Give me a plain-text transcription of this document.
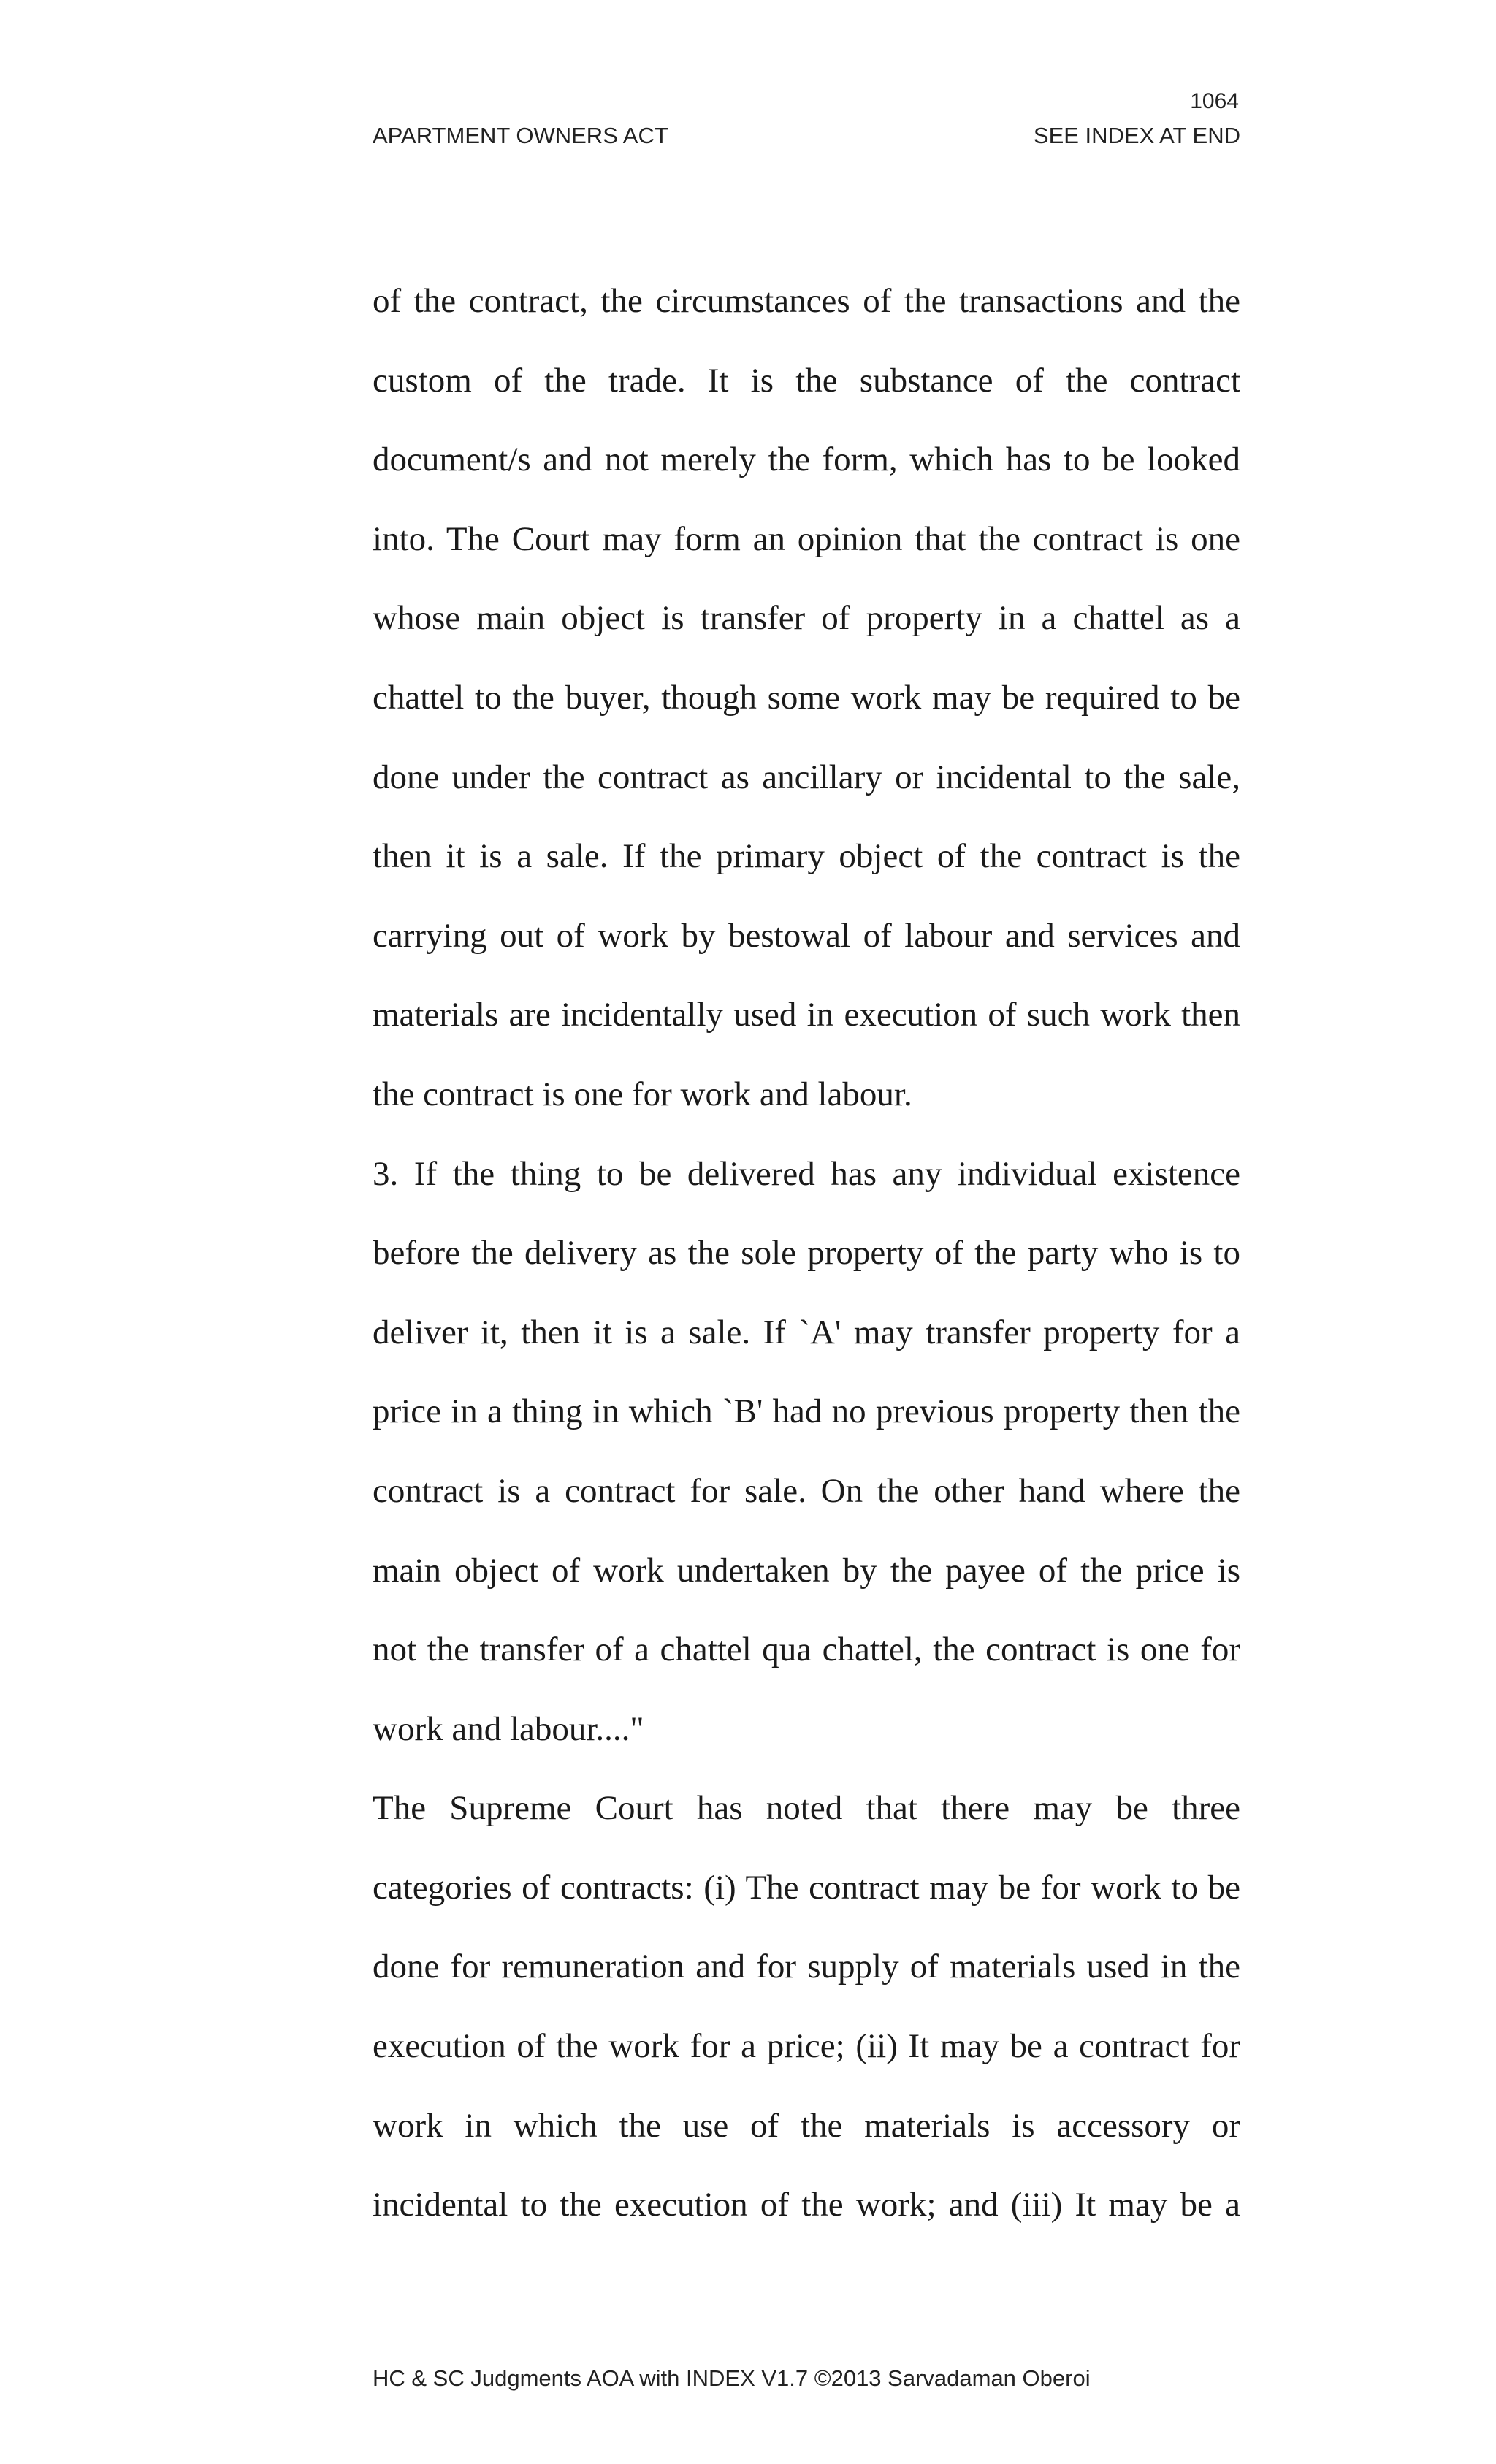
1064
APARTMENT OWNERS ACT	SEE INDEX AT END

of the contract, the circumstances of the transactions and the custom of the trade. It is the substance of the contract document/s and not merely the form, which has to be looked into. The Court may form an opinion that the contract is one whose main object is transfer of property in a chattel as a chattel to the buyer, though some work may be required to be done under the contract as ancillary or incidental to the sale, then it is a sale. If the primary object of the contract is the carrying out of work by bestowal of labour and services and materials are incidentally used in execution of such work then the contract is one for work and labour.

3. If the thing to be delivered has any individual existence before the delivery as the sole property of the party who is to deliver it, then it is a sale. If `A' may transfer property for a price in a thing in which `B' had no previous property then the contract is a contract for sale. On the other hand where the main object of work undertaken by the payee of the price is not the transfer of a chattel qua chattel, the contract is one for work and labour...."

The Supreme Court has noted that there may be three categories of contracts: (i) The contract may be for work to be done for remuneration and for supply of materials used in the execution of the work for a price; (ii) It may be a contract for work in which the use of the materials is accessory or incidental to the execution of the work; and (iii) It may be a

HC & SC Judgments AOA with INDEX V1.7 ©2013 Sarvadaman Oberoi
